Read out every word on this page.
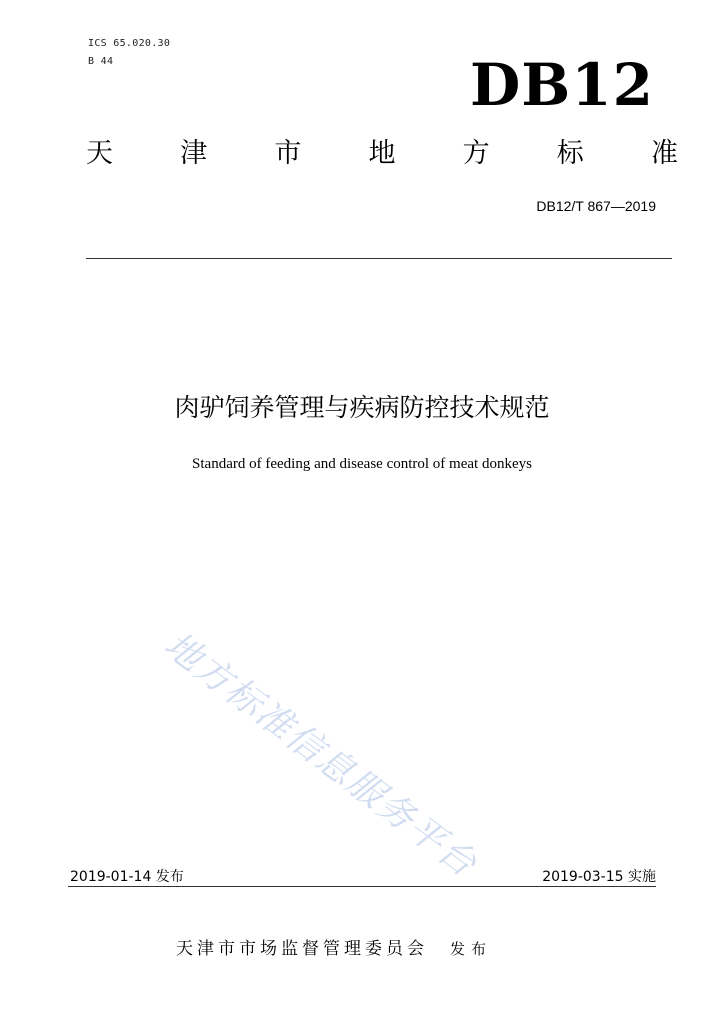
ICS 65.020.30
B 44	DB12
天 津 市 地 方 标 准
DB12/T 867—2019
肉驴饲养管理与疾病防控技术规范
Standard of feeding and disease control of meat donkeys
地方标准信息服务平台
2019-01-14 发布	2019-03-15 实施
天津市市场监督管理委员会 发布
